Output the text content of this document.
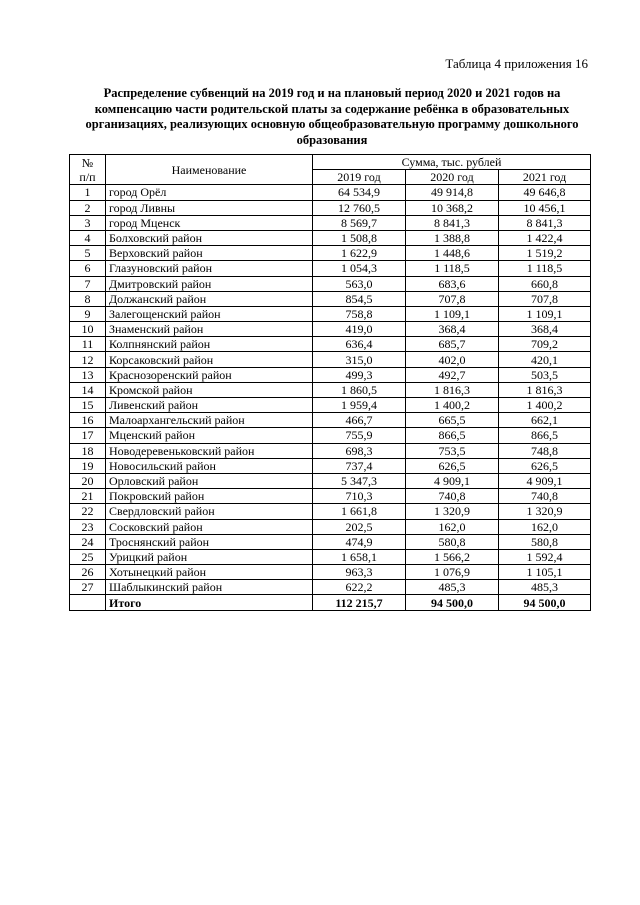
Таблица 4 приложения 16
Распределение субвенций на 2019 год и на плановый период 2020 и 2021 годов на компенсацию части родительской платы за содержание ребёнка в образовательных организациях, реализующих основную общеобразовательную программу дошкольного образования
№
п/п	Наименование	Сумма, тыс. рублей		
		2019 год	2020 год	2021 год
1	город Орёл	64 534,9	49 914,8	49 646,8
2	город Ливны	12 760,5	10 368,2	10 456,1
3	город Мценск	8 569,7	8 841,3	8 841,3
4	Болховский район	1 508,8	1 388,8	1 422,4
5	Верховский район	1 622,9	1 448,6	1 519,2
6	Глазуновский район	1 054,3	1 118,5	1 118,5
7	Дмитровский район	563,0	683,6	660,8
8	Должанский район	854,5	707,8	707,8
9	Залегощенский район	758,8	1 109,1	1 109,1
10	Знаменский район	419,0	368,4	368,4
11	Колпнянский район	636,4	685,7	709,2
12	Корсаковский район	315,0	402,0	420,1
13	Краснозоренский район	499,3	492,7	503,5
14	Кромской район	1 860,5	1 816,3	1 816,3
15	Ливенский район	1 959,4	1 400,2	1 400,2
16	Малоархангельский район	466,7	665,5	662,1
17	Мценский район	755,9	866,5	866,5
18	Новодеревеньковский район	698,3	753,5	748,8
19	Новосильский район	737,4	626,5	626,5
20	Орловский район	5 347,3	4 909,1	4 909,1
21	Покровский район	710,3	740,8	740,8
22	Свердловский район	1 661,8	1 320,9	1 320,9
23	Сосковский район	202,5	162,0	162,0
24	Троснянский район	474,9	580,8	580,8
25	Урицкий район	1 658,1	1 566,2	1 592,4
26	Хотынецкий район	963,3	1 076,9	1 105,1
27	Шаблыкинский район	622,2	485,3	485,3
	Итого	112 215,7	94 500,0	94 500,0
